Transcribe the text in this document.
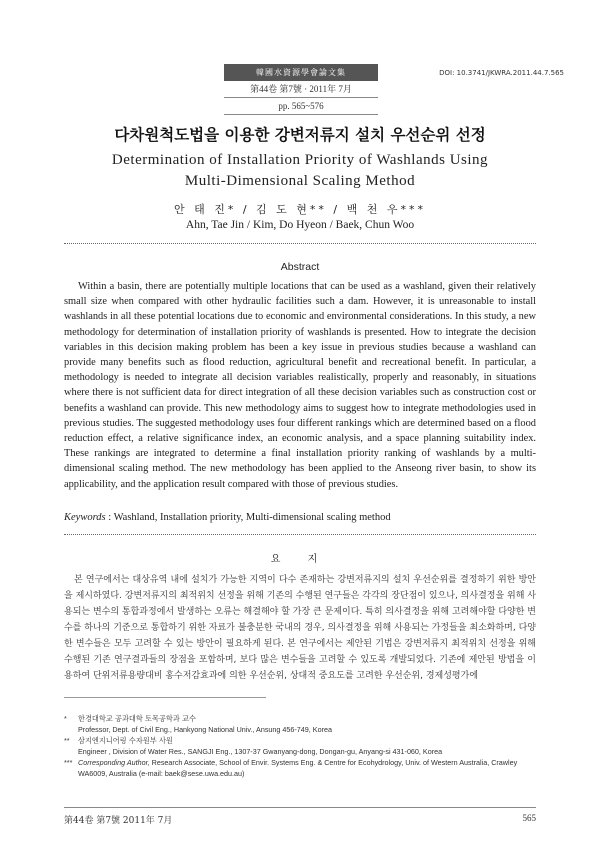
韓國水資源學會論文集
第44卷 第7號 · 2011年 7月
pp. 565~576
DOI: 10.3741/JKWRA.2011.44.7.565
다차원척도법을 이용한 강변저류지 설치 우선순위 선정
Determination of Installation Priority of Washlands Using
Multi-Dimensional Scaling Method
안 태 진* / 김 도 현** / 백 천 우***
Ahn, Tae Jin / Kim, Do Hyeon / Baek, Chun Woo
Abstract
Within a basin, there are potentially multiple locations that can be used as a washland, given their relatively small size when compared with other hydraulic facilities such a dam. However, it is unreasonable to install washlands in all these potential locations due to economic and environmental considerations. In this study, a new methodology for determination of installation priority of washlands is presented. How to integrate the decision variables in this decision making problem has been a key issue in previous studies because a washland can provide many benefits such as flood reduction, agricultural benefit and recreational benefit. In particular, a methodology is needed to integrate all decision variables realistically, properly and reasonably, in situations where there is not sufficient data for direct integration of all these decision variables such as construction cost or benefits a washland can provide. This new methodology aims to suggest how to integrate methodologies used in previous studies. The suggested methodology uses four different rankings which are determined based on a flood reduction effect, a relative significance index, an economic analysis, and a space planning suitability index. These rankings are integrated to determine a final installation priority ranking of washlands by a multi-dimensional scaling method. The new methodology has been applied to the Anseong river basin, to show its applicability, and the application result compared with those of previous studies.
Keywords : Washland, Installation priority, Multi-dimensional scaling method
요 지
본 연구에서는 대상유역 내에 설치가 가능한 지역이 다수 존재하는 강변저류지의 설치 우선순위를 결정하기 위한 방안을 제시하였다. 강변저류지의 최적위치 선정을 위해 기존의 수행된 연구들은 각각의 장단점이 있으나, 의사결정을 위해 사용되는 변수의 통합과정에서 발생하는 오류는 해결해야 할 가장 큰 문제이다. 특히 의사결정을 위해 고려해야할 다양한 변수를 하나의 기준으로 통합하기 위한 자료가 불충분한 국내의 경우, 의사결정을 위해 사용되는 가정들을 최소화하며, 다양한 변수들은 모두 고려할 수 있는 방안이 필요하게 된다. 본 연구에서는 제안된 기법은 강변저류지 최적위치 선정을 위해 수행된 기존 연구결과들의 장점을 포함하며, 보다 많은 변수들을 고려할 수 있도록 개발되었다. 기존에 제안된 방법을 이용하여 단위저류용량대비 홍수저감효과에 의한 우선순위, 상대적 중요도를 고려한 우선순위, 경제성평가에
*	한경대학교 공과대학 토목공학과 교수
Professor, Dept. of Civil Eng., Hankyong National Univ., Ansung 456-749, Korea
**	삼지엔지니어링 수자원부 사원
Engineer , Division of Water Res., SANGJI Eng., 1307-37 Gwanyang-dong, Dongan-gu, Anyang-si 431-060, Korea
*** Corresponding Author, Research Associate, School of Envir. Systems Eng. & Centre for Ecohydrology, Univ. of Western Australia, Crawley WA6009, Australia (e-mail: baek@sese.uwa.edu.au)
第44卷 第7號 2011年 7月	565
